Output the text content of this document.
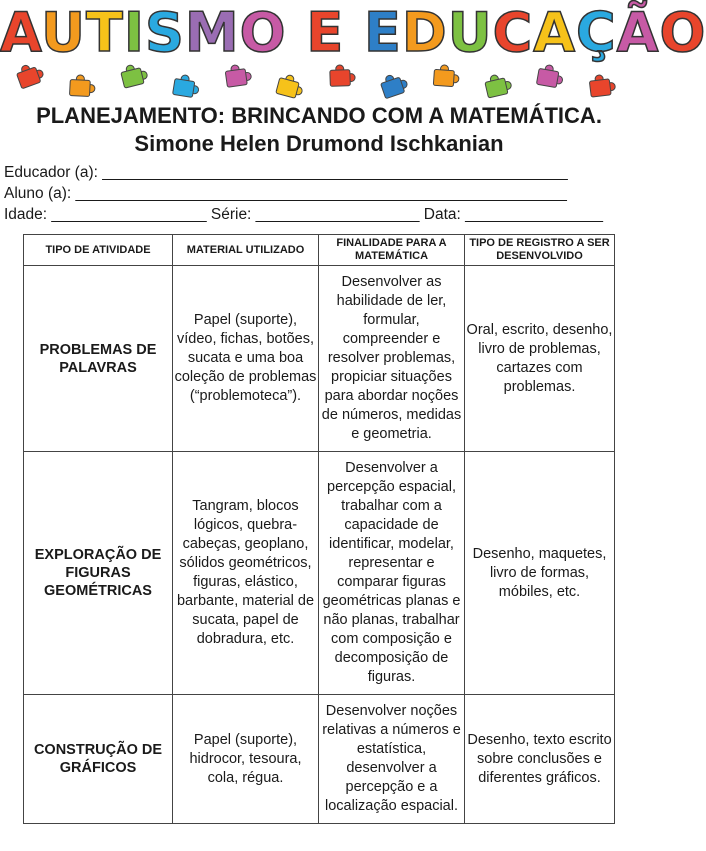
AUTISMO E EDUCAÇÃO
PLANEJAMENTO: BRINCANDO COM A MATEMÁTICA.
Simone Helen Drumond Ischkanian
Educador (a): ______________________________________________________
Aluno (a): _________________________________________________________
Idade: __________________ Série: ___________________ Data: ________________
TIPO DE ATIVIDADE	MATERIAL UTILIZADO	FINALIDADE PARA A MATEMÁTICA	TIPO DE REGISTRO A SER DESENVOLVIDO
PROBLEMAS DE PALAVRAS	Papel (suporte), vídeo, fichas, botões, sucata e uma boa coleção de problemas (“problemoteca”).	Desenvolver as habilidade de ler, formular, compreender e resolver problemas, propiciar situações para abordar noções de números, medidas e geometria.	Oral, escrito, desenho, livro de problemas, cartazes com problemas.
EXPLORAÇÃO DE FIGURAS GEOMÉTRICAS	Tangram, blocos lógicos, quebra-cabeças, geoplano, sólidos geométricos, figuras, elástico, barbante, material de sucata, papel de dobradura, etc.	Desenvolver a percepção espacial, trabalhar com a capacidade de identificar, modelar, representar e comparar figuras geométricas planas e não planas, trabalhar com composição e decomposição de figuras.	Desenho, maquetes, livro de formas, móbiles, etc.
CONSTRUÇÃO DE GRÁFICOS	Papel (suporte), hidrocor, tesoura, cola, régua.	Desenvolver noções relativas a números e estatística, desenvolver a percepção e a localização espacial.	Desenho, texto escrito sobre conclusões e diferentes gráficos.
